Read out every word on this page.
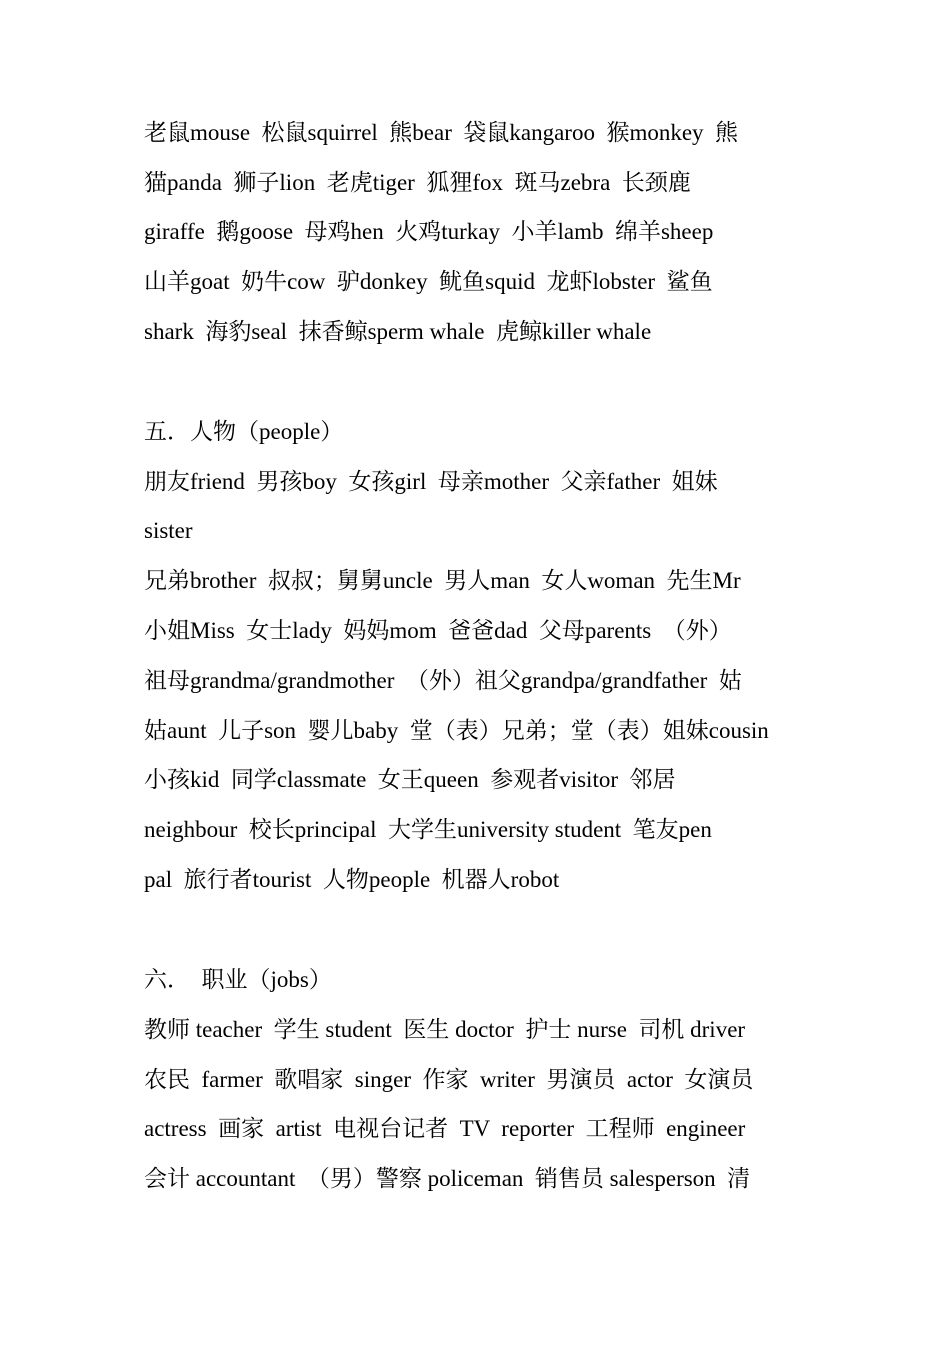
老鼠mouse  松鼠squirrel  熊bear  袋鼠kangaroo  猴monkey  熊
猫panda  狮子lion  老虎tiger  狐狸fox  斑马zebra  长颈鹿
giraffe  鹅goose  母鸡hen  火鸡turkay  小羊lamb  绵羊sheep
山羊goat  奶牛cow  驴donkey  鱿鱼squid  龙虾lobster  鲨鱼
shark  海豹seal  抹香鲸sperm whale  虎鲸killer whale
五．人物（people）
朋友friend  男孩boy  女孩girl  母亲mother  父亲father  姐妹
sister
兄弟brother  叔叔；舅舅uncle  男人man  女人woman  先生Mr
小姐Miss  女士lady  妈妈mom  爸爸dad  父母parents  （外）
祖母grandma/grandmother  （外）祖父grandpa/grandfather  姑
姑aunt  儿子son  婴儿baby  堂（表）兄弟；堂（表）姐妹cousin
小孩kid  同学classmate  女王queen  参观者visitor  邻居
neighbour  校长principal  大学生university student  笔友pen
pal  旅行者tourist  人物people  机器人robot
六．  职业（jobs）
教师 teacher  学生 student  医生 doctor  护士 nurse  司机 driver
农民  farmer  歌唱家  singer  作家  writer  男演员  actor  女演员
actress  画家  artist  电视台记者  TV  reporter  工程师  engineer
会计 accountant  （男）警察 policeman  销售员 salesperson  清
